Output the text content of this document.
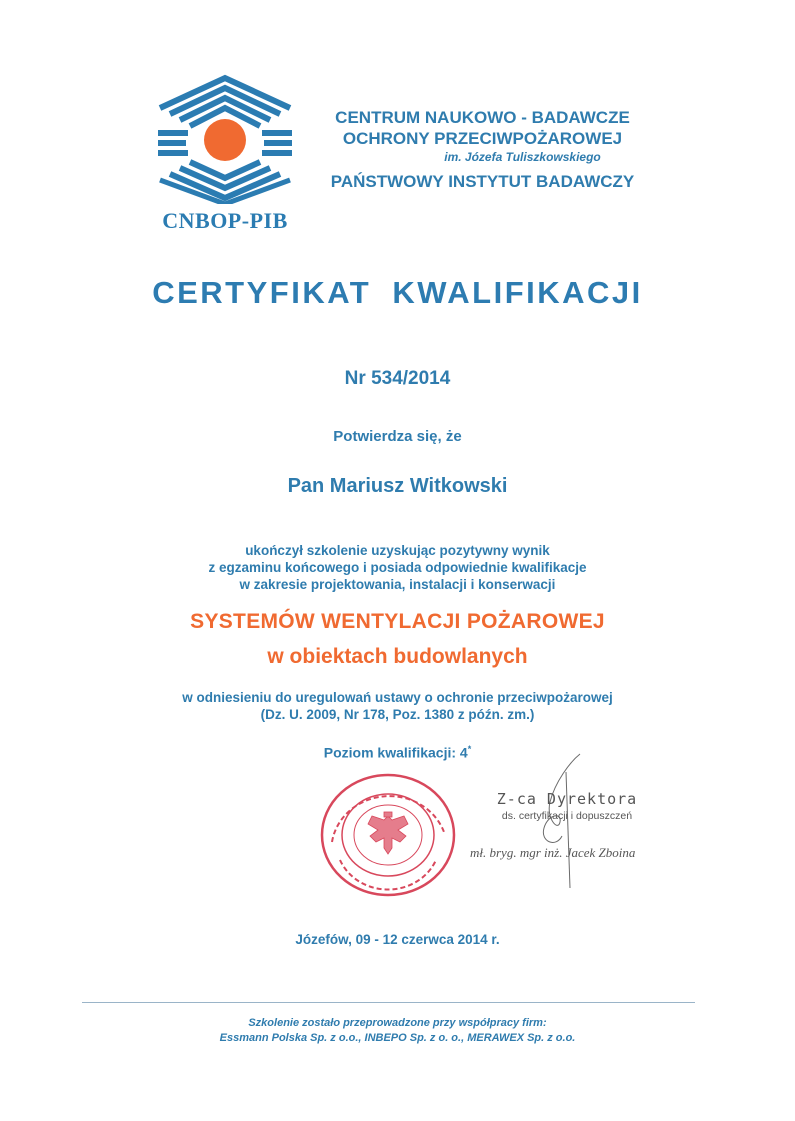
CNBOP-PIB
CENTRUM NAUKOWO - BADAWCZE
OCHRONY PRZECIWPOŻAROWEJ
im. Józefa Tuliszkowskiego
PAŃSTWOWY INSTYTUT BADAWCZY
CERTYFIKAT KWALIFIKACJI
Nr 534/2014
Potwierdza się, że
Pan Mariusz Witkowski
ukończył szkolenie uzyskując pozytywny wynik
z egzaminu końcowego i posiada odpowiednie kwalifikacje
w zakresie projektowania, instalacji i konserwacji
SYSTEMÓW WENTYLACJI POŻAROWEJ
w obiektach budowlanych
w odniesieniu do uregulowań ustawy o ochronie przeciwpożarowej
(Dz. U. 2009, Nr 178, Poz. 1380 z późn. zm.)
Poziom kwalifikacji: 4*
Z-ca Dyrektora
ds. certyfikacji i dopuszczeń
mł. bryg. mgr inż. Jacek Zboina
Józefów, 09 - 12 czerwca 2014 r.
Szkolenie zostało przeprowadzone przy współpracy firm:
Essmann Polska Sp. z o.o., INBEPO Sp. z o. o., MERAWEX Sp. z o.o.
